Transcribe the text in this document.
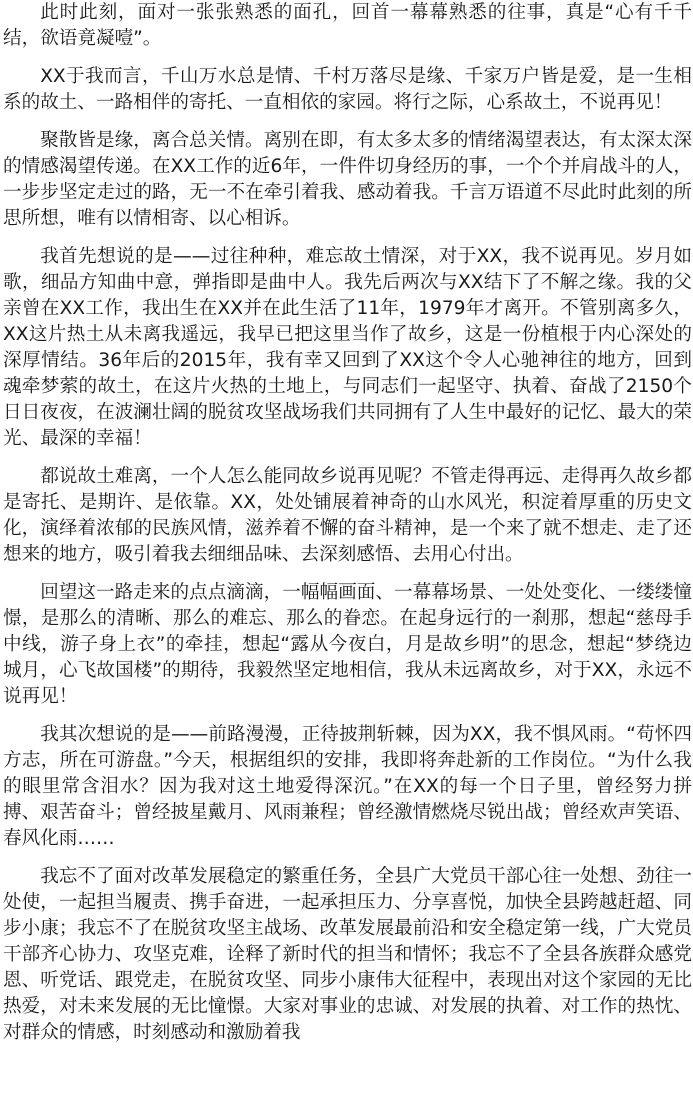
此时此刻，面对一张张熟悉的面孔，回首一幕幕熟悉的往事，真是“心有千千结，欲语竟凝噎”。

XX于我而言，千山万水总是情、千村万落尽是缘、千家万户皆是爱，是一生相系的故土、一路相伴的寄托、一直相依的家园。将行之际，心系故土，不说再见！

聚散皆是缘，离合总关情。离别在即，有太多太多的情绪渴望表达，有太深太深的情感渴望传递。在XX工作的近6年，一件件切身经历的事，一个个并肩战斗的人，一步步坚定走过的路，无一不在牵引着我、感动着我。千言万语道不尽此时此刻的所思所想，唯有以情相寄、以心相诉。

我首先想说的是——过往种种，难忘故土情深，对于XX，我不说再见。岁月如歌，细品方知曲中意，弹指即是曲中人。我先后两次与XX结下了不解之缘。我的父亲曾在XX工作，我出生在XX并在此生活了11年，1979年才离开。不管别离多久，XX这片热土从未离我遥远，我早已把这里当作了故乡，这是一份植根于内心深处的深厚情结。36年后的2015年，我有幸又回到了XX这个令人心驰神往的地方，回到魂牵梦萦的故土，在这片火热的土地上，与同志们一起坚守、执着、奋战了2150个日日夜夜，在波澜壮阔的脱贫攻坚战场我们共同拥有了人生中最好的记忆、最大的荣光、最深的幸福！

都说故土难离，一个人怎么能同故乡说再见呢？不管走得再远、走得再久故乡都是寄托、是期许、是依靠。XX，处处铺展着神奇的山水风光，积淀着厚重的历史文化，演绎着浓郁的民族风情，滋养着不懈的奋斗精神，是一个来了就不想走、走了还想来的地方，吸引着我去细细品味、去深刻感悟、去用心付出。

回望这一路走来的点点滴滴，一幅幅画面、一幕幕场景、一处处变化、一缕缕憧憬，是那么的清晰、那么的难忘、那么的眷恋。在起身远行的一刹那，想起“慈母手中线，游子身上衣”的牵挂，想起“露从今夜白，月是故乡明”的思念，想起“梦绕边城月，心飞故国楼”的期待，我毅然坚定地相信，我从未远离故乡，对于XX，永远不说再见！

我其次想说的是——前路漫漫，正待披荆斩棘，因为XX，我不惧风雨。“苟怀四方志，所在可游盘。”今天，根据组织的安排，我即将奔赴新的工作岗位。“为什么我的眼里常含泪水？因为我对这土地爱得深沉。”在XX的每一个日子里，曾经努力拼搏、艰苦奋斗；曾经披星戴月、风雨兼程；曾经激情燃烧尽锐出战；曾经欢声笑语、春风化雨……

我忘不了面对改革发展稳定的繁重任务，全县广大党员干部心往一处想、劲往一处使，一起担当履责、携手奋进，一起承担压力、分享喜悦，加快全县跨越赶超、同步小康；我忘不了在脱贫攻坚主战场、改革发展最前沿和安全稳定第一线，广大党员干部齐心协力、攻坚克难，诠释了新时代的担当和情怀；我忘不了全县各族群众感党恩、听党话、跟党走，在脱贫攻坚、同步小康伟大征程中，表现出对这个家园的无比热爱，对未来发展的无比憧憬。大家对事业的忠诚、对发展的执着、对工作的热忱、对群众的情感，时刻感动和激励着我
